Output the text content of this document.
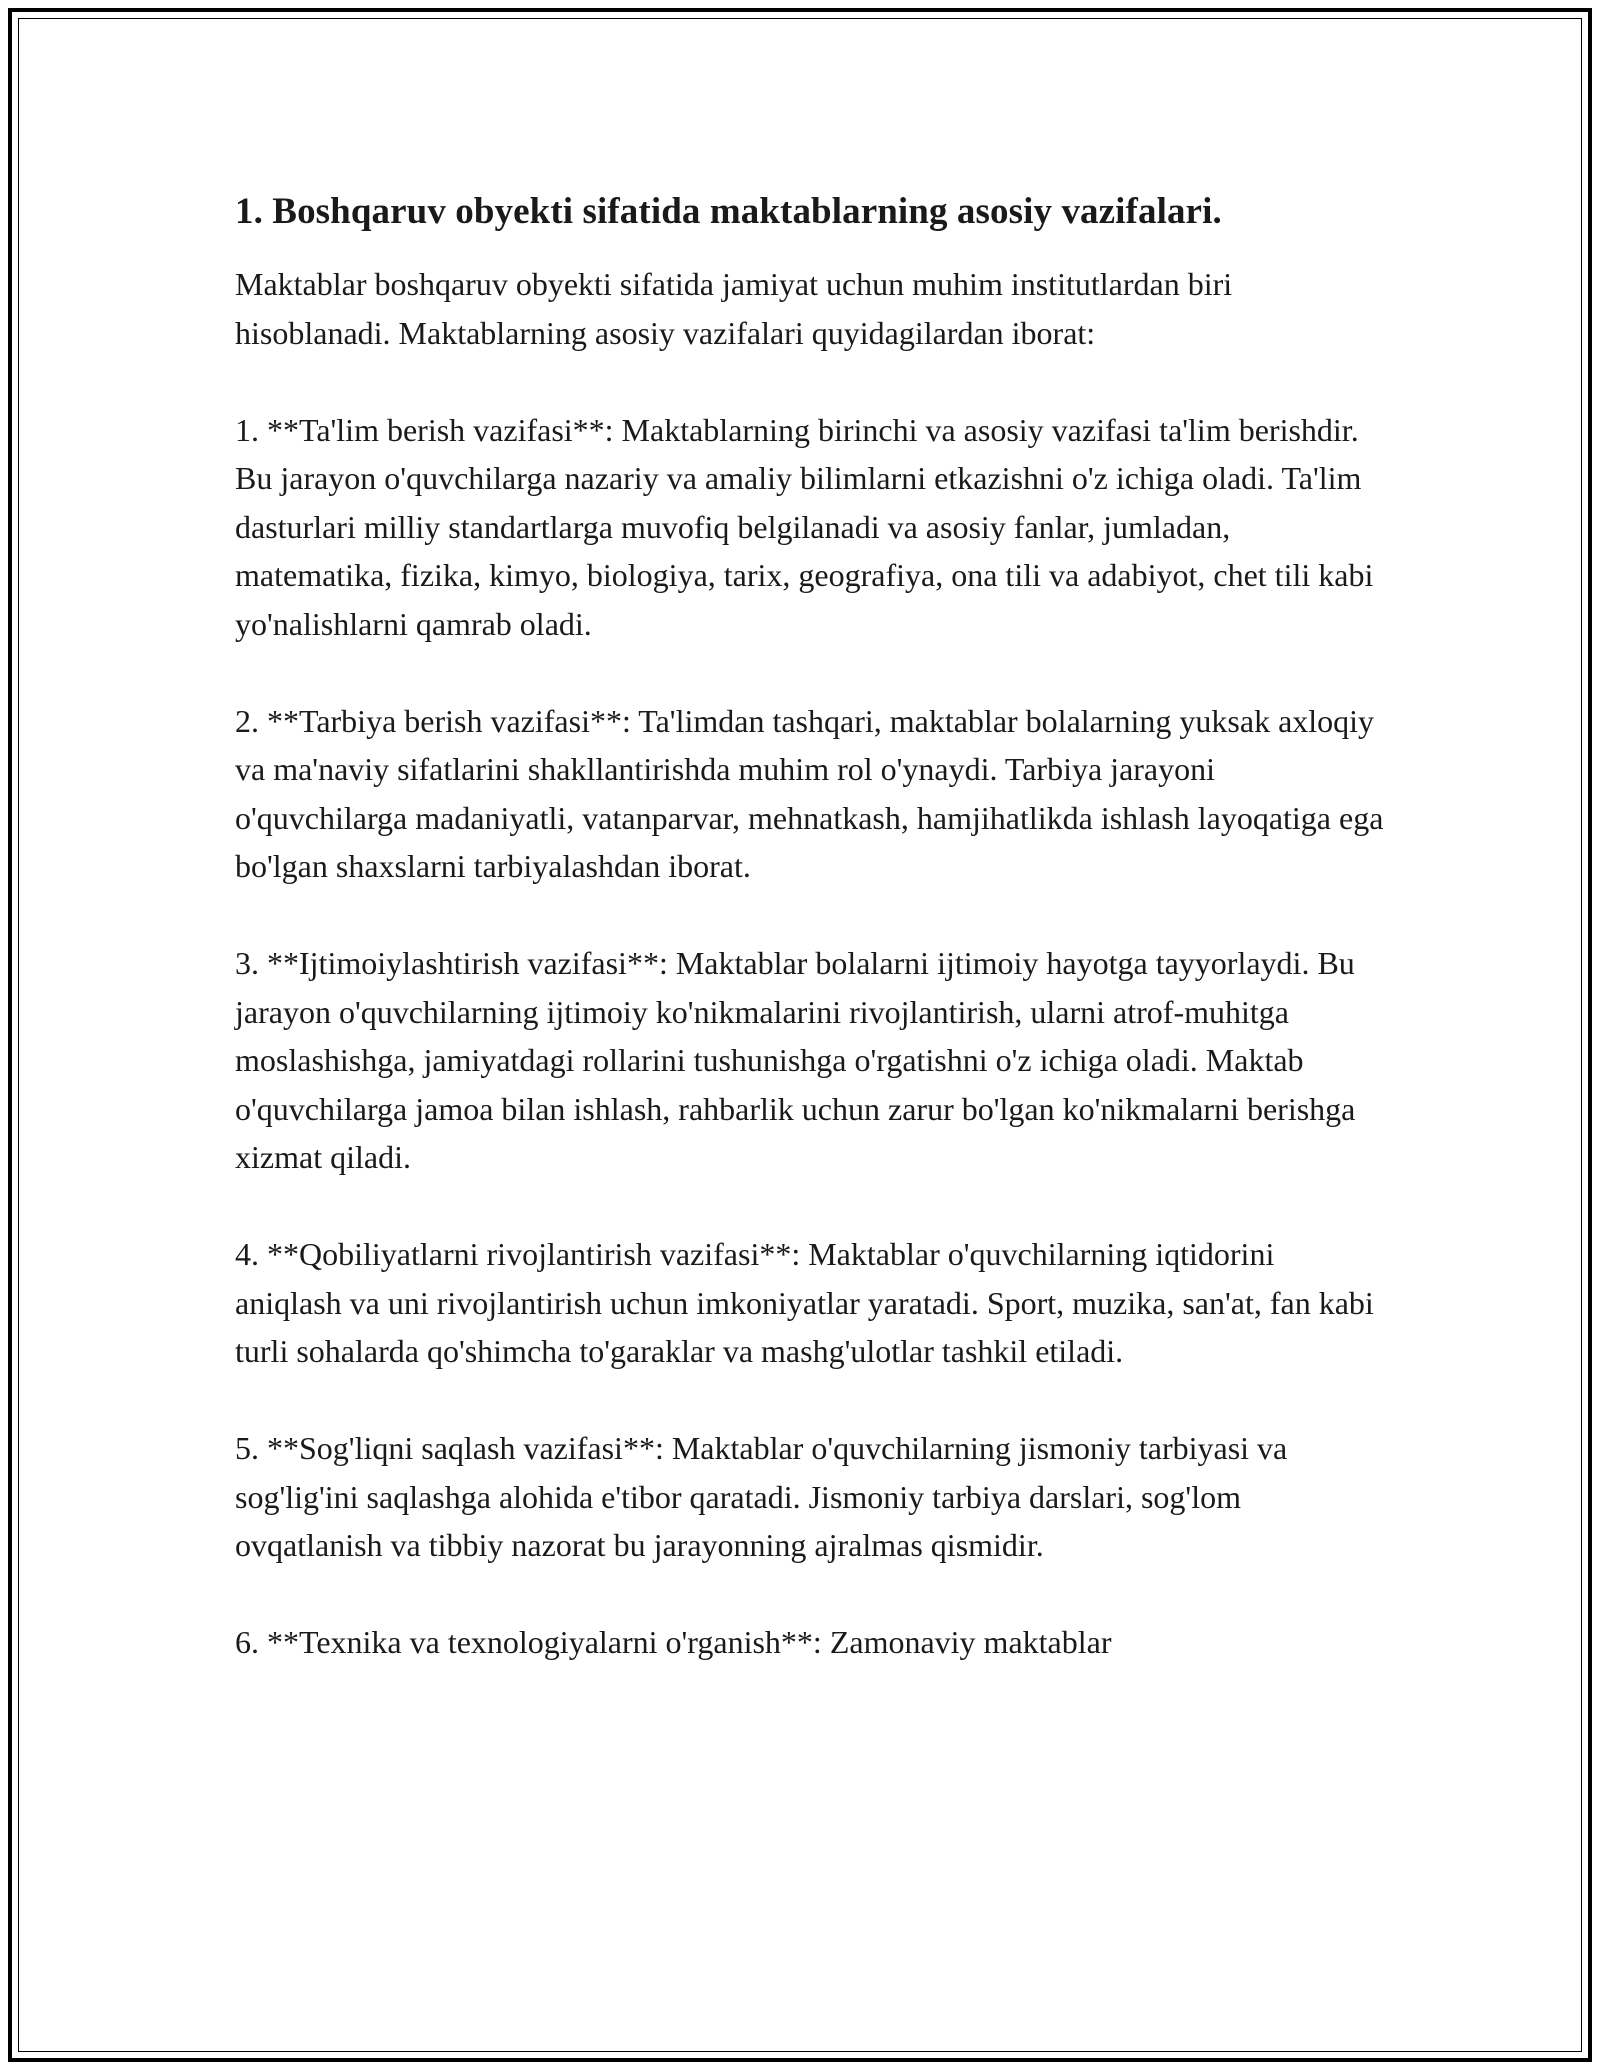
1. Boshqaruv obyekti sifatida maktablarning asosiy vazifalari.

Maktablar boshqaruv obyekti sifatida jamiyat uchun muhim institutlardan biri hisoblanadi. Maktablarning asosiy vazifalari quyidagilardan iborat:

1. **Ta'lim berish vazifasi**: Maktablarning birinchi va asosiy vazifasi ta'lim berishdir. Bu jarayon o'quvchilarga nazariy va amaliy bilimlarni etkazishni o'z ichiga oladi. Ta'lim dasturlari milliy standartlarga muvofiq belgilanadi va asosiy fanlar, jumladan, matematika, fizika, kimyo, biologiya, tarix, geografiya, ona tili va adabiyot, chet tili kabi yo'nalishlarni qamrab oladi.

2. **Tarbiya berish vazifasi**: Ta'limdan tashqari, maktablar bolalarning yuksak axloqiy va ma'naviy sifatlarini shakllantirishda muhim rol o'ynaydi. Tarbiya jarayoni o'quvchilarga madaniyatli, vatanparvar, mehnatkash, hamjihatlikda ishlash layoqatiga ega bo'lgan shaxslarni tarbiyalashdan iborat.

3. **Ijtimoiylashtirish vazifasi**: Maktablar bolalarni ijtimoiy hayotga tayyorlaydi. Bu jarayon o'quvchilarning ijtimoiy ko'nikmalarini rivojlantirish, ularni atrof-muhitga moslashishga, jamiyatdagi rollarini tushunishga o'rgatishni o'z ichiga oladi. Maktab o'quvchilarga jamoa bilan ishlash, rahbarlik uchun zarur bo'lgan ko'nikmalarni berishga xizmat qiladi.

4. **Qobiliyatlarni rivojlantirish vazifasi**: Maktablar o'quvchilarning iqtidorini aniqlash va uni rivojlantirish uchun imkoniyatlar yaratadi. Sport, muzika, san'at, fan kabi turli sohalarda qo'shimcha to'garaklar va mashg'ulotlar tashkil etiladi.

5. **Sog'liqni saqlash vazifasi**: Maktablar o'quvchilarning jismoniy tarbiyasi va sog'lig'ini saqlashga alohida e'tibor qaratadi. Jismoniy tarbiya darslari, sog'lom ovqatlanish va tibbiy nazorat bu jarayonning ajralmas qismidir.

6. **Texnika va texnologiyalarni o'rganish**: Zamonaviy maktablar
